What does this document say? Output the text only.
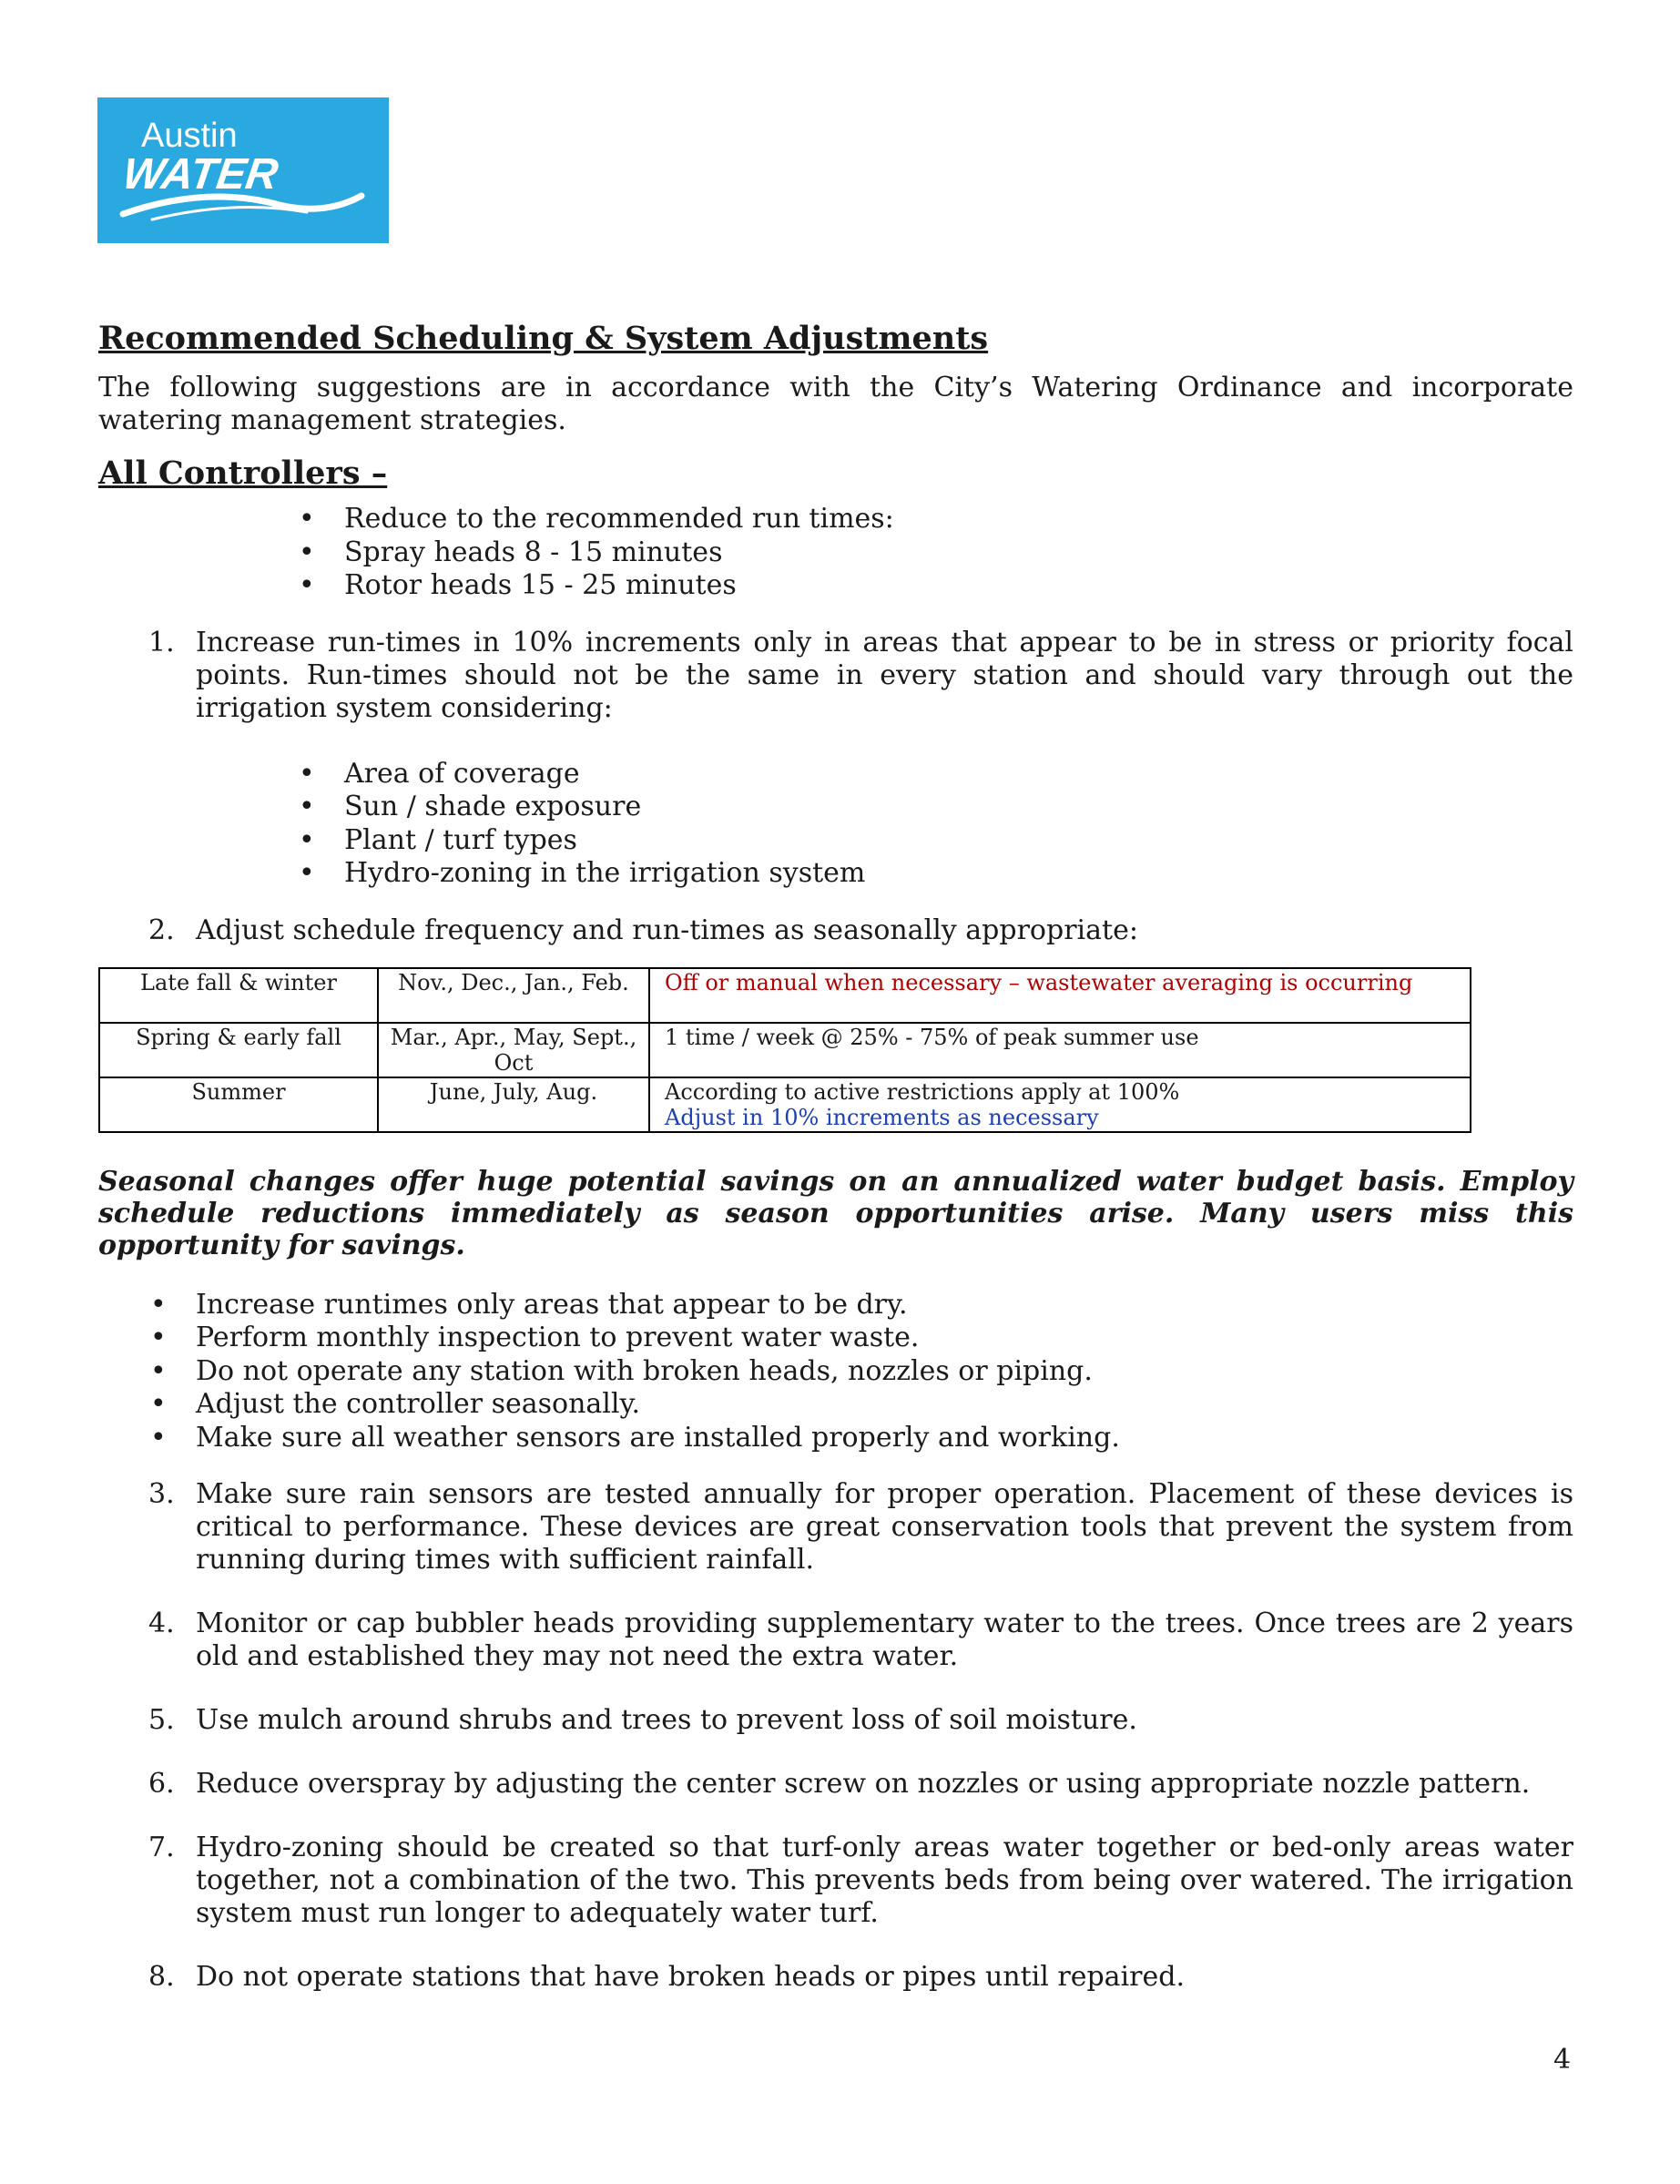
Austin
WATER
Recommended Scheduling & System Adjustments

The following suggestions are in accordance with the City’s Watering Ordinance and incorporate watering management strategies.

All Controllers –
• Reduce to the recommended run times:
• Spray heads 8 - 15 minutes
• Rotor heads 15 - 25 minutes
1. Increase run-times in 10% increments only in areas that appear to be in stress or priority focal points. Run-times should not be the same in every station and should vary through out the irrigation system considering:
• Area of coverage
• Sun / shade exposure
• Plant / turf types
• Hydro-zoning in the irrigation system
2. Adjust schedule frequency and run-times as seasonally appropriate:
Late fall & winter	Nov., Dec., Jan., Feb.	Off or manual when necessary – wastewater averaging is occurring

Spring & early fall	Mar., Apr., May, Sept., Oct	1 time / week @ 25% - 75% of peak summer use

Summer	June, July, Aug.	According to active restrictions apply at 100%
Adjust in 10% increments as necessary

Seasonal changes offer huge potential savings on an annualized water budget basis. Employ schedule reductions immediately as season opportunities arise. Many users miss this opportunity for savings.

• Increase runtimes only areas that appear to be dry.
• Perform monthly inspection to prevent water waste.
• Do not operate any station with broken heads, nozzles or piping.
• Adjust the controller seasonally.
• Make sure all weather sensors are installed properly and working.
3. Make sure rain sensors are tested annually for proper operation. Placement of these devices is critical to performance. These devices are great conservation tools that prevent the system from running during times with sufficient rainfall.
4. Monitor or cap bubbler heads providing supplementary water to the trees. Once trees are 2 years old and established they may not need the extra water.
5. Use mulch around shrubs and trees to prevent loss of soil moisture.
6. Reduce overspray by adjusting the center screw on nozzles or using appropriate nozzle pattern.
7. Hydro-zoning should be created so that turf-only areas water together or bed-only areas water together, not a combination of the two. This prevents beds from being over watered. The irrigation system must run longer to adequately water turf.
8. Do not operate stations that have broken heads or pipes until repaired.
4
